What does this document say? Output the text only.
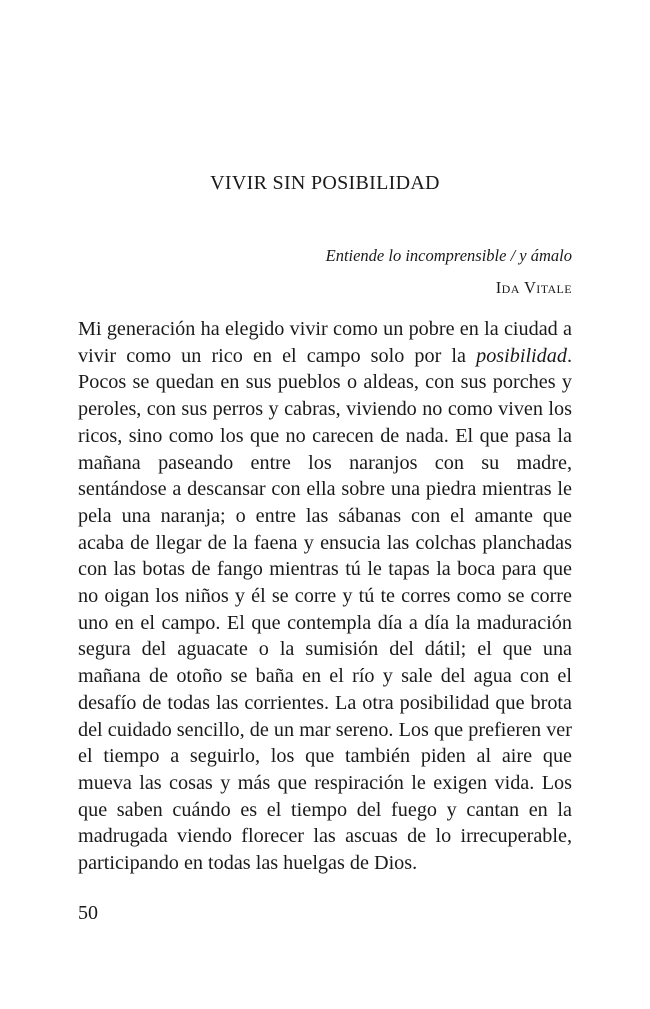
VIVIR SIN POSIBILIDAD

Entiende lo incomprensible / y ámalo

Ida Vitale

Mi generación ha elegido vivir como un pobre en la ciudad a vivir como un rico en el campo solo por la posibilidad. Pocos se quedan en sus pueblos o aldeas, con sus porches y peroles, con sus perros y cabras, viviendo no como viven los ricos, sino como los que no carecen de nada. El que pasa la mañana paseando entre los naranjos con su madre, sentándose a descansar con ella sobre una piedra mientras le pela una naranja; o entre las sábanas con el amante que acaba de llegar de la faena y ensucia las colchas planchadas con las botas de fango mientras tú le tapas la boca para que no oigan los niños y él se corre y tú te corres como se corre uno en el campo. El que contempla día a día la maduración segura del aguacate o la sumisión del dátil; el que una mañana de otoño se baña en el río y sale del agua con el desafío de todas las corrientes. La otra posibilidad que brota del cuidado sencillo, de un mar sereno. Los que prefieren ver el tiempo a seguirlo, los que también piden al aire que mueva las cosas y más que respiración le exigen vida. Los que saben cuándo es el tiempo del fuego y cantan en la madrugada viendo florecer las ascuas de lo irrecuperable, participando en todas las huelgas de Dios.

50
